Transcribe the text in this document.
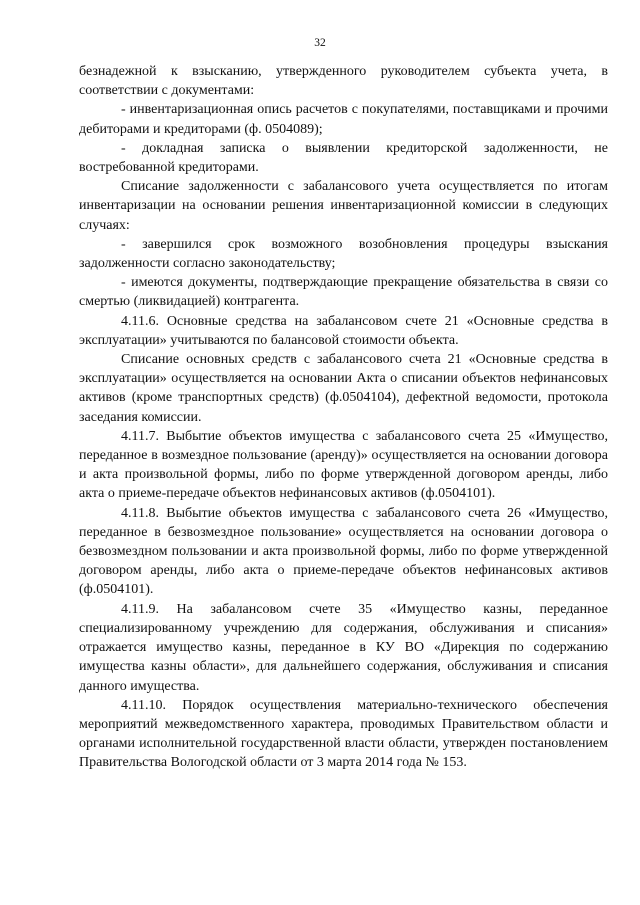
32

безнадежной к взысканию, утвержденного руководителем субъекта учета, в соответствии с документами:

- инвентаризационная опись расчетов с покупателями, поставщиками и прочими дебиторами и кредиторами (ф. 0504089);

- докладная записка о выявлении кредиторской задолженности, не востребованной кредиторами.

Списание задолженности с забалансового учета осуществляется по итогам инвентаризации на основании решения инвентаризационной комиссии в следующих случаях:

- завершился срок возможного возобновления процедуры взыскания задолженности согласно законодательству;

- имеются документы, подтверждающие прекращение обязательства в связи со смертью (ликвидацией) контрагента.

4.11.6. Основные средства на забалансовом счете 21 «Основные средства в эксплуатации» учитываются по балансовой стоимости объекта.

Списание основных средств с забалансового счета 21 «Основные средства в эксплуатации» осуществляется на основании Акта о списании объектов нефинансовых активов (кроме транспортных средств) (ф.0504104), дефектной ведомости, протокола заседания комиссии.

4.11.7. Выбытие объектов имущества с забалансового счета 25 «Имущество, переданное в возмездное пользование (аренду)» осуществляется на основании договора и акта произвольной формы, либо по форме утвержденной договором аренды, либо акта о приеме-передаче объектов нефинансовых активов (ф.0504101).

4.11.8. Выбытие объектов имущества с забалансового счета 26 «Имущество, переданное в безвозмездное пользование» осуществляется на основании договора о безвозмездном пользовании и акта произвольной формы, либо по форме утвержденной договором аренды, либо акта о приеме-передаче объектов нефинансовых активов (ф.0504101).

4.11.9. На забалансовом счете 35 «Имущество казны, переданное специализированному учреждению для содержания, обслуживания и списания» отражается имущество казны, переданное в КУ ВО «Дирекция по содержанию имущества казны области», для дальнейшего содержания, обслуживания и списания данного имущества.

4.11.10. Порядок осуществления материально-технического обеспечения мероприятий межведомственного характера, проводимых Правительством области и органами исполнительной государственной власти области, утвержден постановлением Правительства Вологодской области от 3 марта 2014 года № 153.
